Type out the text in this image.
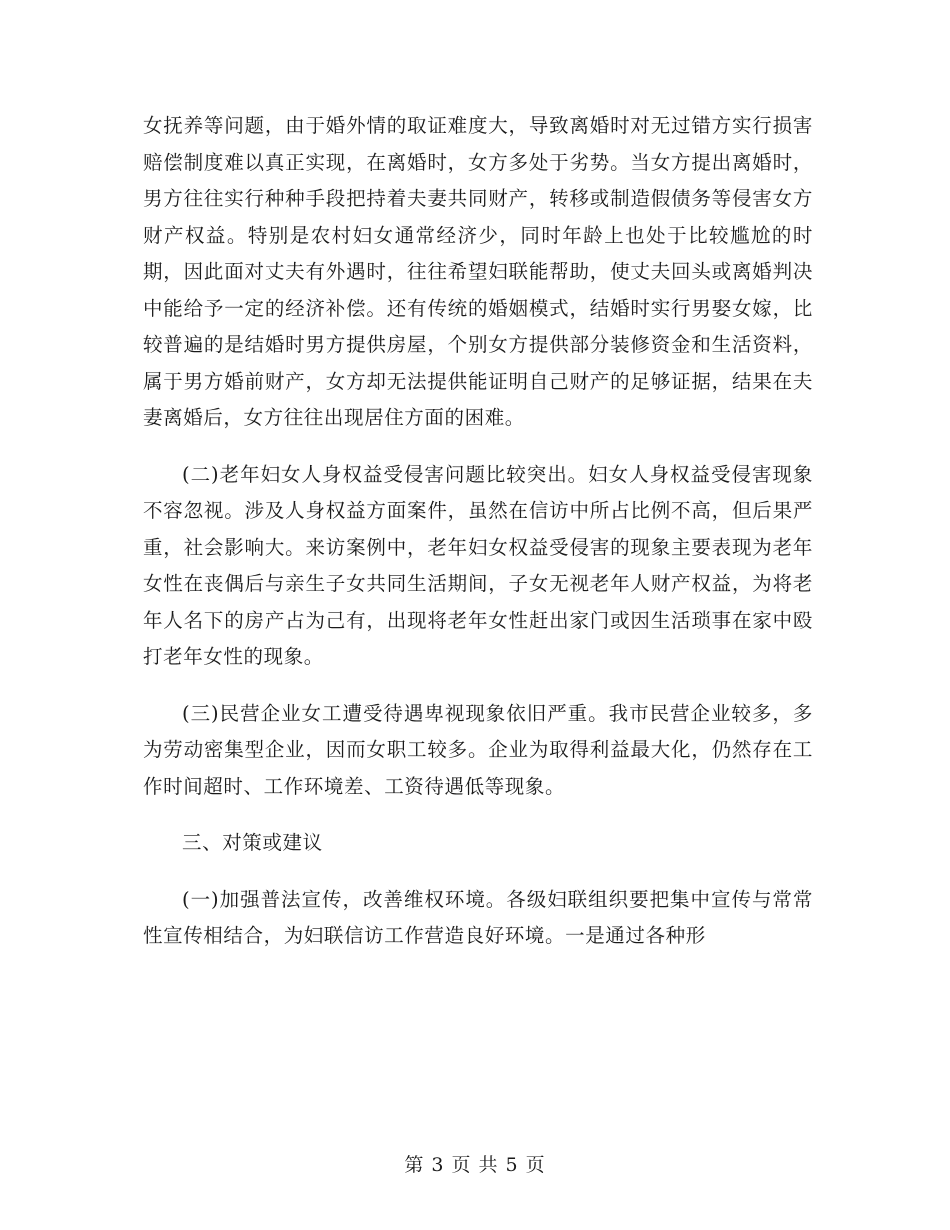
女抚养等问题，由于婚外情的取证难度大，导致离婚时对无过错方实行损害赔偿制度难以真正实现，在离婚时，女方多处于劣势。当女方提出离婚时，男方往往实行种种手段把持着夫妻共同财产，转移或制造假债务等侵害女方财产权益。特别是农村妇女通常经济少，同时年龄上也处于比较尴尬的时期，因此面对丈夫有外遇时，往往希望妇联能帮助，使丈夫回头或离婚判决中能给予一定的经济补偿。还有传统的婚姻模式，结婚时实行男娶女嫁，比较普遍的是结婚时男方提供房屋，个别女方提供部分装修资金和生活资料，属于男方婚前财产，女方却无法提供能证明自己财产的足够证据，结果在夫妻离婚后，女方往往出现居住方面的困难。

(二)老年妇女人身权益受侵害问题比较突出。妇女人身权益受侵害现象不容忽视。涉及人身权益方面案件，虽然在信访中所占比例不高，但后果严重，社会影响大。来访案例中，老年妇女权益受侵害的现象主要表现为老年女性在丧偶后与亲生子女共同生活期间，子女无视老年人财产权益，为将老年人名下的房产占为己有，出现将老年女性赶出家门或因生活琐事在家中殴打老年女性的现象。

(三)民营企业女工遭受待遇卑视现象依旧严重。我市民营企业较多，多为劳动密集型企业，因而女职工较多。企业为取得利益最大化，仍然存在工作时间超时、工作环境差、工资待遇低等现象。

三、对策或建议

(一)加强普法宣传，改善维权环境。各级妇联组织要把集中宣传与常常性宣传相结合，为妇联信访工作营造良好环境。一是通过各种形

第 3 页 共 5 页
